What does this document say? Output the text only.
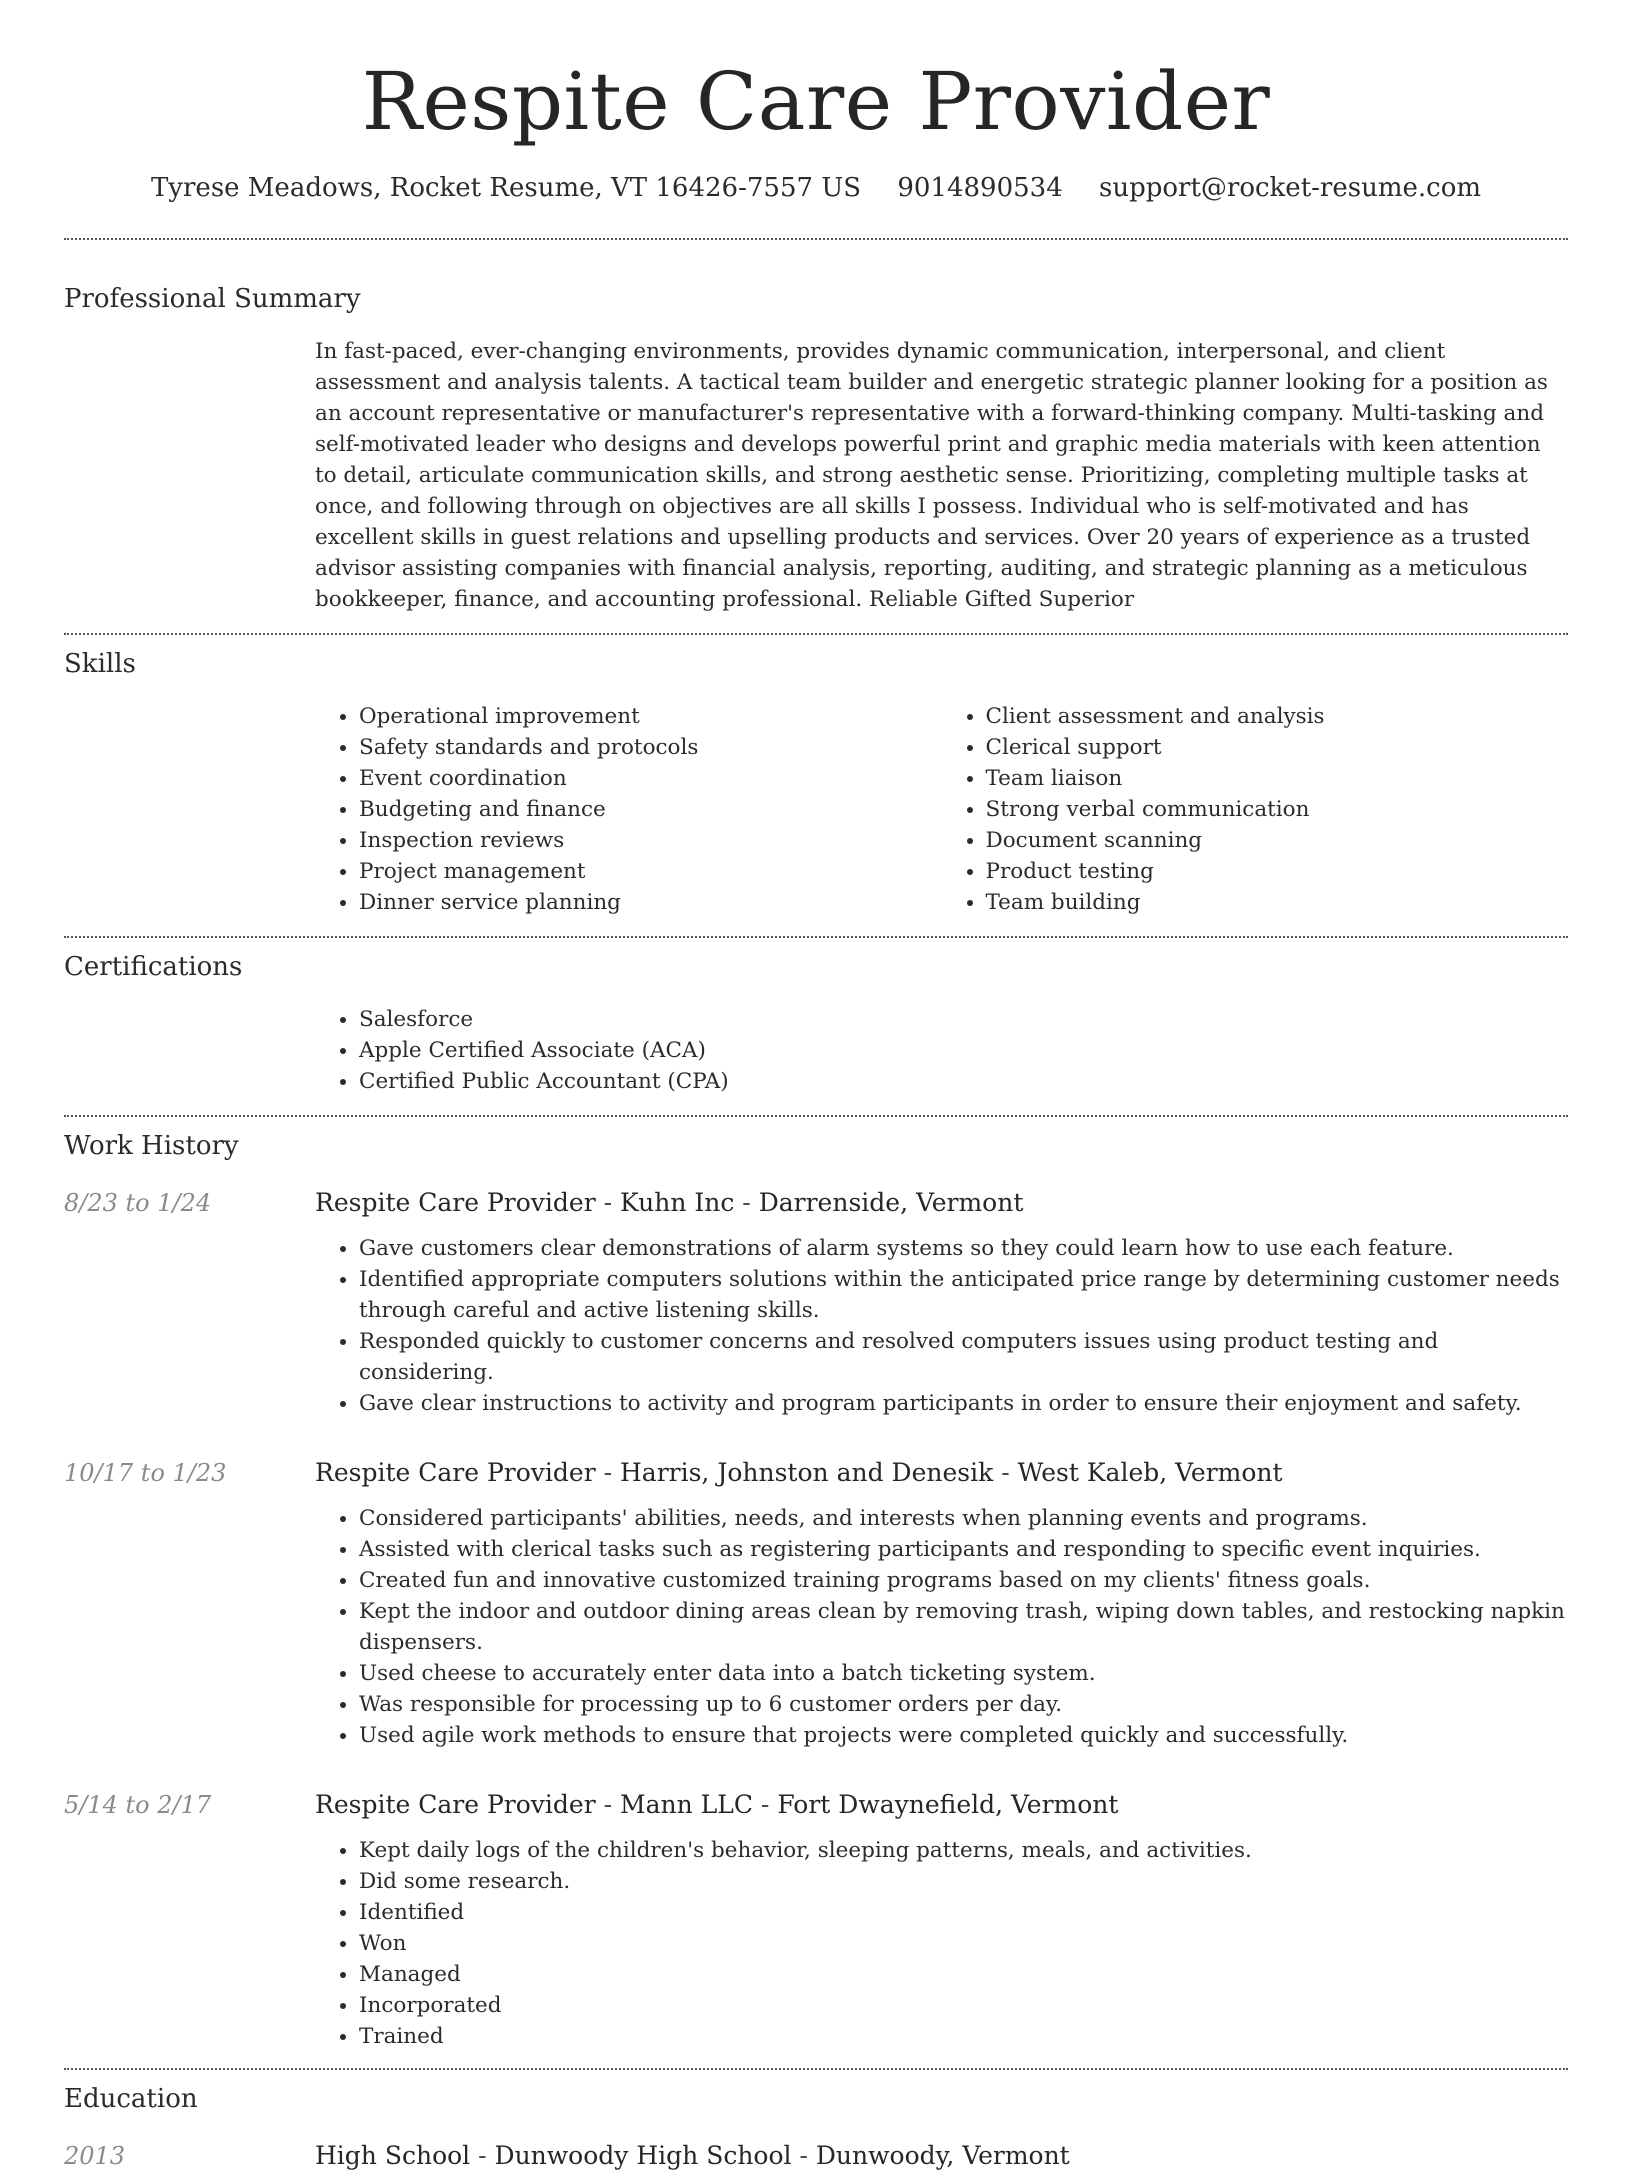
Respite Care Provider
Tyrese Meadows, Rocket Resume, VT 16426-7557 US 9014890534 support@rocket-resume.com
Professional Summary
In fast-paced, ever-changing environments, provides dynamic communication, interpersonal, and client assessment and analysis talents. A tactical team builder and energetic strategic planner looking for a position as an account representative or manufacturer's representative with a forward-thinking company. Multi-tasking and self-motivated leader who designs and develops powerful print and graphic media materials with keen attention to detail, articulate communication skills, and strong aesthetic sense. Prioritizing, completing multiple tasks at once, and following through on objectives are all skills I possess. Individual who is self-motivated and has excellent skills in guest relations and upselling products and services. Over 20 years of experience as a trusted advisor assisting companies with financial analysis, reporting, auditing, and strategic planning as a meticulous bookkeeper, finance, and accounting professional. Reliable Gifted Superior
Skills
• Operational improvement
• Safety standards and protocols
• Event coordination
• Budgeting and finance
• Inspection reviews
• Project management
• Dinner service planning
• Client assessment and analysis
• Clerical support
• Team liaison
• Strong verbal communication
• Document scanning
• Product testing
• Team building
Certifications
• Salesforce
• Apple Certified Associate (ACA)
• Certified Public Accountant (CPA)
Work History
8/23 to 1/24	Respite Care Provider - Kuhn Inc - Darrenside, Vermont
• Gave customers clear demonstrations of alarm systems so they could learn how to use each feature.
• Identified appropriate computers solutions within the anticipated price range by determining customer needs through careful and active listening skills.
• Responded quickly to customer concerns and resolved computers issues using product testing and considering.
• Gave clear instructions to activity and program participants in order to ensure their enjoyment and safety.
10/17 to 1/23	Respite Care Provider - Harris, Johnston and Denesik - West Kaleb, Vermont
• Considered participants' abilities, needs, and interests when planning events and programs.
• Assisted with clerical tasks such as registering participants and responding to specific event inquiries.
• Created fun and innovative customized training programs based on my clients' fitness goals.
• Kept the indoor and outdoor dining areas clean by removing trash, wiping down tables, and restocking napkin dispensers.
• Used cheese to accurately enter data into a batch ticketing system.
• Was responsible for processing up to 6 customer orders per day.
• Used agile work methods to ensure that projects were completed quickly and successfully.
5/14 to 2/17	Respite Care Provider - Mann LLC - Fort Dwaynefield, Vermont
• Kept daily logs of the children's behavior, sleeping patterns, meals, and activities.
• Did some research.
• Identified
• Won
• Managed
• Incorporated
• Trained
Education
2013	High School - Dunwoody High School - Dunwoody, Vermont
